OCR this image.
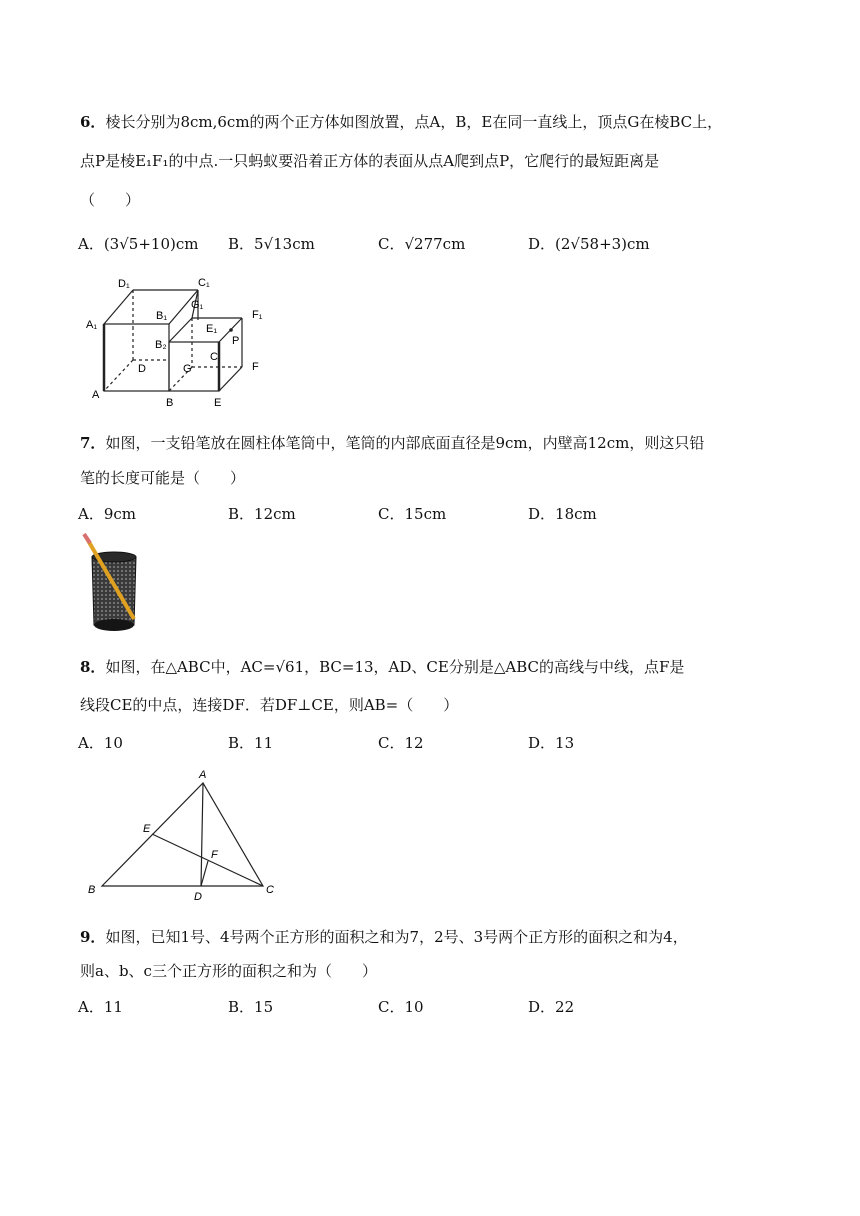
6．棱长分别为8cm,6cm的两个正方体如图放置，点A，B，E在同一直线上，顶点G在棱BC上，
点P是棱E₁F₁的中点.一只蚂蚁要沿着正方体的表面从点A爬到点P，它爬行的最短距离是
（　　）
A．(3√5+10)cm B．5√13cm	C．√277cm	D．(2√58+3)cm
D₁	C₁
A₁
B₁
G₁
E₁
F₁
B₂	P
C
D	G	F
A
B	E
7．如图，一支铅笔放在圆柱体笔筒中，笔筒的内部底面直径是9cm，内壁高12cm，则这只铅
笔的长度可能是（　　）
A．9cm	B．12cm	C．15cm	D．18cm
8．如图，在△ABC中，AC=√61，BC=13，AD、CE分别是△ABC的高线与中线，点F是
线段CE的中点，连接DF．若DF⊥CE，则AB=（　　）
A．10	B．11	C．12	D．13
A
E
F
B
D
C
9．如图，已知1号、4号两个正方形的面积之和为7，2号、3号两个正方形的面积之和为4，
则a、b、c三个正方形的面积之和为（　　）
A．11	B．15	C．10	D．22
